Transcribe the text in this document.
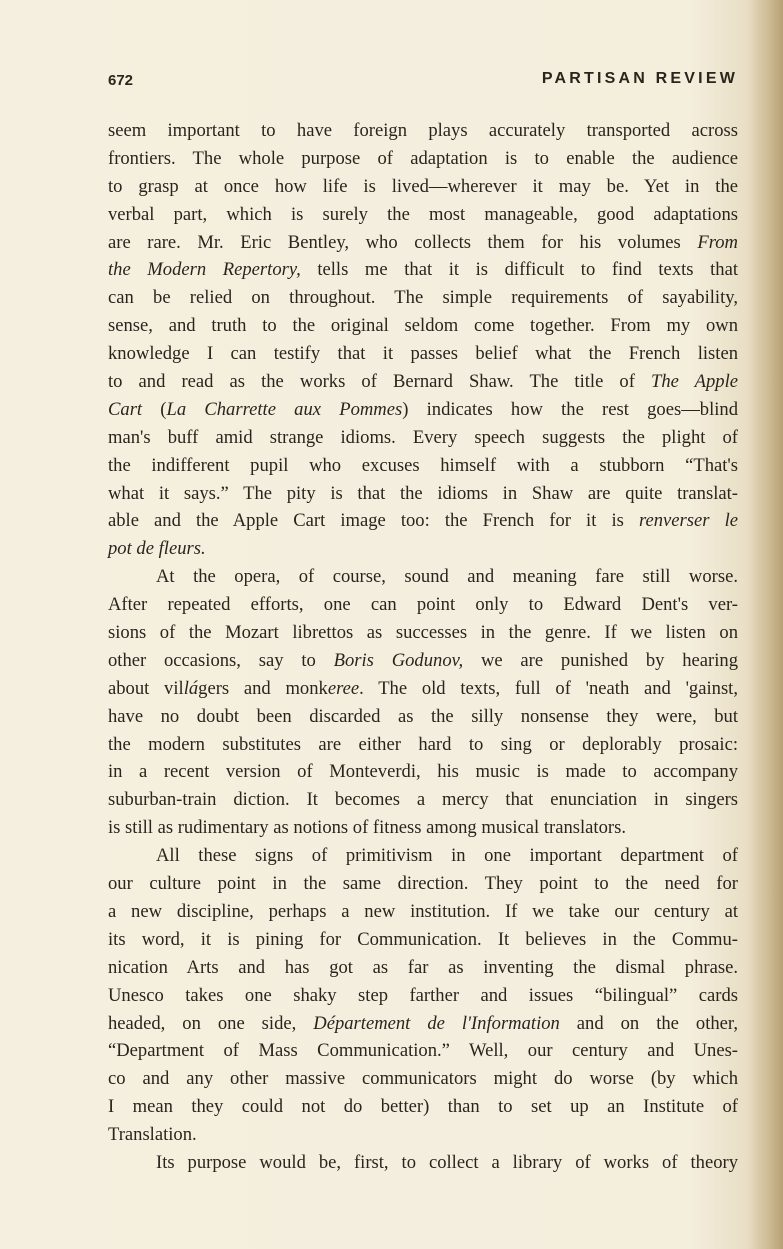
672	PARTISAN REVIEW
seem important to have foreign plays accurately transported across
frontiers. The whole purpose of adaptation is to enable the audience
to grasp at once how life is lived—wherever it may be. Yet in the
verbal part, which is surely the most manageable, good adaptations
are rare. Mr. Eric Bentley, who collects them for his volumes From
the Modern Repertory, tells me that it is difficult to find texts that
can be relied on throughout. The simple requirements of sayability,
sense, and truth to the original seldom come together. From my own
knowledge I can testify that it passes belief what the French listen
to and read as the works of Bernard Shaw. The title of The Apple
Cart (La Charrette aux Pommes) indicates how the rest goes—blind
man's buff amid strange idioms. Every speech suggests the plight of
the indifferent pupil who excuses himself with a stubborn “That's
what it says.” The pity is that the idioms in Shaw are quite translat-
able and the Apple Cart image too: the French for it is renverser le
pot de fleurs.
At the opera, of course, sound and meaning fare still worse.
After repeated efforts, one can point only to Edward Dent's ver-
sions of the Mozart librettos as successes in the genre. If we listen on
other occasions, say to Boris Godunov, we are punished by hearing
about villágers and monkeree. The old texts, full of 'neath and 'gainst,
have no doubt been discarded as the silly nonsense they were, but
the modern substitutes are either hard to sing or deplorably prosaic:
in a recent version of Monteverdi, his music is made to accompany
suburban-train diction. It becomes a mercy that enunciation in singers
is still as rudimentary as notions of fitness among musical translators.
All these signs of primitivism in one important department of
our culture point in the same direction. They point to the need for
a new discipline, perhaps a new institution. If we take our century at
its word, it is pining for Communication. It believes in the Commu-
nication Arts and has got as far as inventing the dismal phrase.
Unesco takes one shaky step farther and issues “bilingual” cards
headed, on one side, Département de l'Information and on the other,
“Department of Mass Communication.” Well, our century and Unes-
co and any other massive communicators might do worse (by which
I mean they could not do better) than to set up an Institute of
Translation.
Its purpose would be, first, to collect a library of works of theory
